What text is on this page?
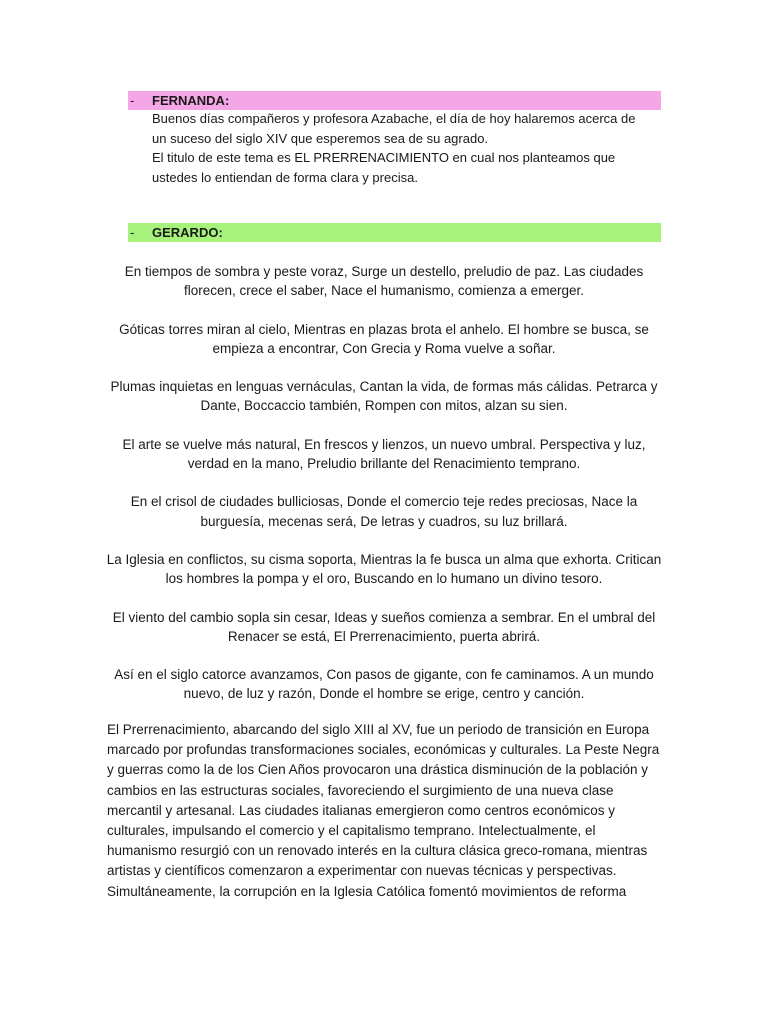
- FERNANDA:

Buenos días compañeros y profesora Azabache, el día de hoy halaremos acerca de un suceso del siglo XIV que esperemos sea de su agrado.

El titulo de este tema es EL PRERRENACIMIENTO en cual nos planteamos que ustedes lo entiendan de forma clara y precisa.

- GERARDO:

En tiempos de sombra y peste voraz, Surge un destello, preludio de paz. Las ciudades florecen, crece el saber, Nace el humanismo, comienza a emerger.

Góticas torres miran al cielo, Mientras en plazas brota el anhelo. El hombre se busca, se empieza a encontrar, Con Grecia y Roma vuelve a soñar.

Plumas inquietas en lenguas vernáculas, Cantan la vida, de formas más cálidas. Petrarca y Dante, Boccaccio también, Rompen con mitos, alzan su sien.

El arte se vuelve más natural, En frescos y lienzos, un nuevo umbral. Perspectiva y luz, verdad en la mano, Preludio brillante del Renacimiento temprano.

En el crisol de ciudades bulliciosas, Donde el comercio teje redes preciosas, Nace la burguesía, mecenas será, De letras y cuadros, su luz brillará.

La Iglesia en conflictos, su cisma soporta, Mientras la fe busca un alma que exhorta. Critican los hombres la pompa y el oro, Buscando en lo humano un divino tesoro.

El viento del cambio sopla sin cesar, Ideas y sueños comienza a sembrar. En el umbral del Renacer se está, El Prerrenacimiento, puerta abrirá.

Así en el siglo catorce avanzamos, Con pasos de gigante, con fe caminamos. A un mundo nuevo, de luz y razón, Donde el hombre se erige, centro y canción.

El Prerrenacimiento, abarcando del siglo XIII al XV, fue un periodo de transición en Europa marcado por profundas transformaciones sociales, económicas y culturales. La Peste Negra y guerras como la de los Cien Años provocaron una drástica disminución de la población y cambios en las estructuras sociales, favoreciendo el surgimiento de una nueva clase mercantil y artesanal. Las ciudades italianas emergieron como centros económicos y culturales, impulsando el comercio y el capitalismo temprano. Intelectualmente, el humanismo resurgió con un renovado interés en la cultura clásica greco-romana, mientras artistas y científicos comenzaron a experimentar con nuevas técnicas y perspectivas. Simultáneamente, la corrupción en la Iglesia Católica fomentó movimientos de reforma
